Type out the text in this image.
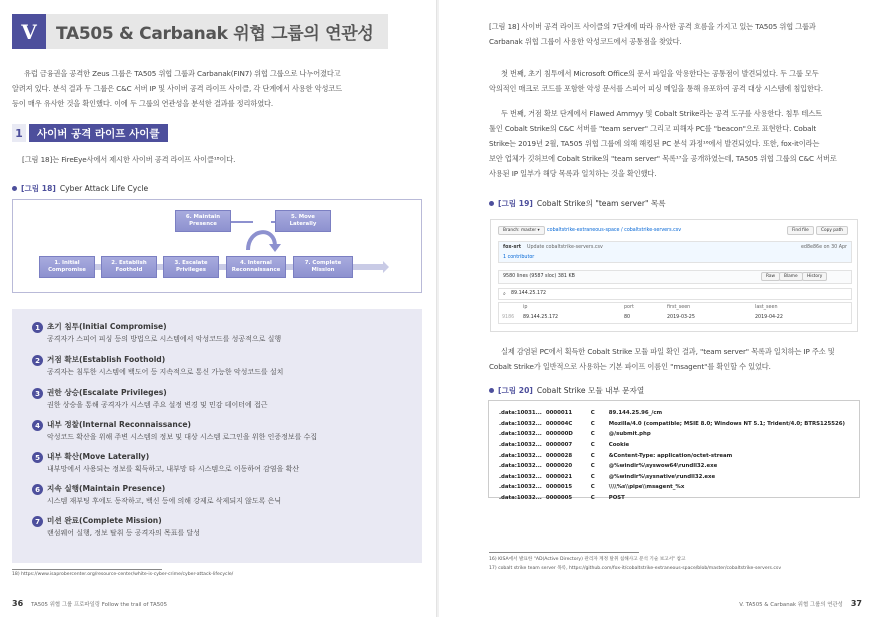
V	TA505 & Carbanak 위협 그룹의 연관성
유럽 금융권을 공격한 Zeus 그룹은 TA505 위협 그룹과 Carbanak(FIN7) 위협 그룹으로 나누어졌다고
알려져 있다. 분석 결과 두 그룹은 C&C 서버 IP 및 사이버 공격 라이프 사이클, 각 단계에서 사용한 악성코드
등이 매우 유사한 것을 확인했다. 이에 두 그룹의 연관성을 분석한 결과를 정리하였다.
1	사이버 공격 라이프 사이클
[그림 18]는 FireEye사에서 제시한 사이버 공격 라이프 사이클¹⁸이다.
[그림 18] Cyber Attack Life Cycle
1. Initial
Compromise
2. Establish
Foothold
3. Escalate
Privileges
4. Internal
Reconnaissance
7. Complete
Mission
6. Maintain
Presence
5. Move
Laterally
1 초기 침투(Initial Compromise)
공격자가 스피어 피싱 등의 방법으로 시스템에서 악성코드를 성공적으로 실행
2 거점 확보(Establish Foothold)
공격자는 침투한 시스템에 백도어 등 지속적으로 통신 가능한 악성코드를 설치
3 권한 상승(Escalate Privileges)
권한 상승을 통해 공격자가 시스템 주요 설정 변경 및 민감 데이터에 접근
4 내부 정찰(Internal Reconnaissance)
악성코드 확산을 위해 주변 시스템의 정보 및 대상 시스템 로그인을 위한 인증정보를 수집
5 내부 확산(Move Laterally)
내부망에서 사용되는 정보를 획득하고, 내부망 타 시스템으로 이동하여 감염을 확산
6 지속 실행(Maintain Presence)
시스템 재부팅 후에도 동작하고, 백신 등에 의해 강제로 삭제되지 않도록 은닉
7 미션 완료(Complete Mission)
랜섬웨어 실행, 정보 탈취 등 공격자의 목표를 달성
18) https://www.isaprobercenter.org/resource-center/white-is-cyber-crime/cyber-attack-lifecycle/
36 TA505 위협 그룹 프로파일링 Follow the trail of TA505
[그림 18] 사이버 공격 라이프 사이클의 7단계에 따라 유사한 공격 흐름을 가지고 있는 TA505 위협 그룹과
Carbanak 위협 그룹이 사용한 악성코드에서 공통점을 찾았다.
첫 번째, 초기 침투에서 Microsoft Office의 문서 파일을 악용한다는 공통점이 발견되었다. 두 그룹 모두
악의적인 매크로 코드를 포함한 악성 문서를 스피어 피싱 메일을 통해 유포하여 공격 대상 시스템에 침입한다.
두 번째, 거점 확보 단계에서 Flawed Ammyy 및 Cobalt Strike라는 공격 도구를 사용한다. 침투 테스트
툴인 Cobalt Strike의 C&C 서버를 "team server" 그리고 피해자 PC를 "beacon"으로 표현한다. Cobalt
Strike는 2019년 2월, TA505 위협 그룹에 의해 해킹된 PC 분석 과정¹⁶에서 발견되었다. 또한, fox-it이라는
보안 업체가 깃허브에 Cobalt Strike의 "team server" 목록¹⁷을 공개하였는데, TA505 위협 그룹의 C&C 서버로
사용된 IP 일부가 해당 목록과 일치하는 것을 확인했다.
[그림 19] Cobalt Strike의 "team server" 목록
Branch: master ▾	cobaltstrike-extraneous-space / cobaltstrike-servers.csv	Find file	Copy path
fox-srt Update cobaltstrike-servers.csv	ed8e86e on 30 Apr
1 contributor
9580 lines (9587 sloc) 381 KB	Raw	Blame	History
⌕ 89.144.25.172
ip	port	first_seen	last_seen
9186 89.144.25.172	80	2019-03-25	2019-04-22
실제 감염된 PC에서 획득한 Cobalt Strike 모듈 파일 확인 결과, "team server" 목록과 일치하는 IP 주소 및
Cobalt Strike가 일반적으로 사용하는 기본 파이프 이름인 "msagent"를 확인할 수 있었다.
[그림 20] Cobalt Strike 모듈 내부 문자열
.data:10031...	0000011	C	89.144.25.96_/cm
.data:10032...	000004C	C	Mozilla/4.0 (compatible; MSIE 8.0; Windows NT 5.1; Trident/4.0; BTRS125526)
.data:10032...	000000D	C	@/submit.php
.data:10032...	0000007	C	Cookie
.data:10032...	0000028	C	&Content-Type: application/octet-stream
.data:10032...	0000020	C	@%windir%\syswow64\rundll32.exe
.data:10032...	0000021	C	@%windir%\sysnative\rundll32.exe
.data:10032...	0000015	C	\\\\%s\\pipe\\msagent_%x
.data:10032...	0000005	C	POST
16) KISA에서 발표한 "AD(Active Directory) 관리자 계정 탈취 침해사고 분석 기술 보고서" 참고
17) cobalt strike team server 목록, https://github.com/fox-it/cobaltstrike-extraneous-space/blob/master/cobaltstrike-servers.csv
V. TA505 & Carbanak 위협 그룹의 연관성 37
